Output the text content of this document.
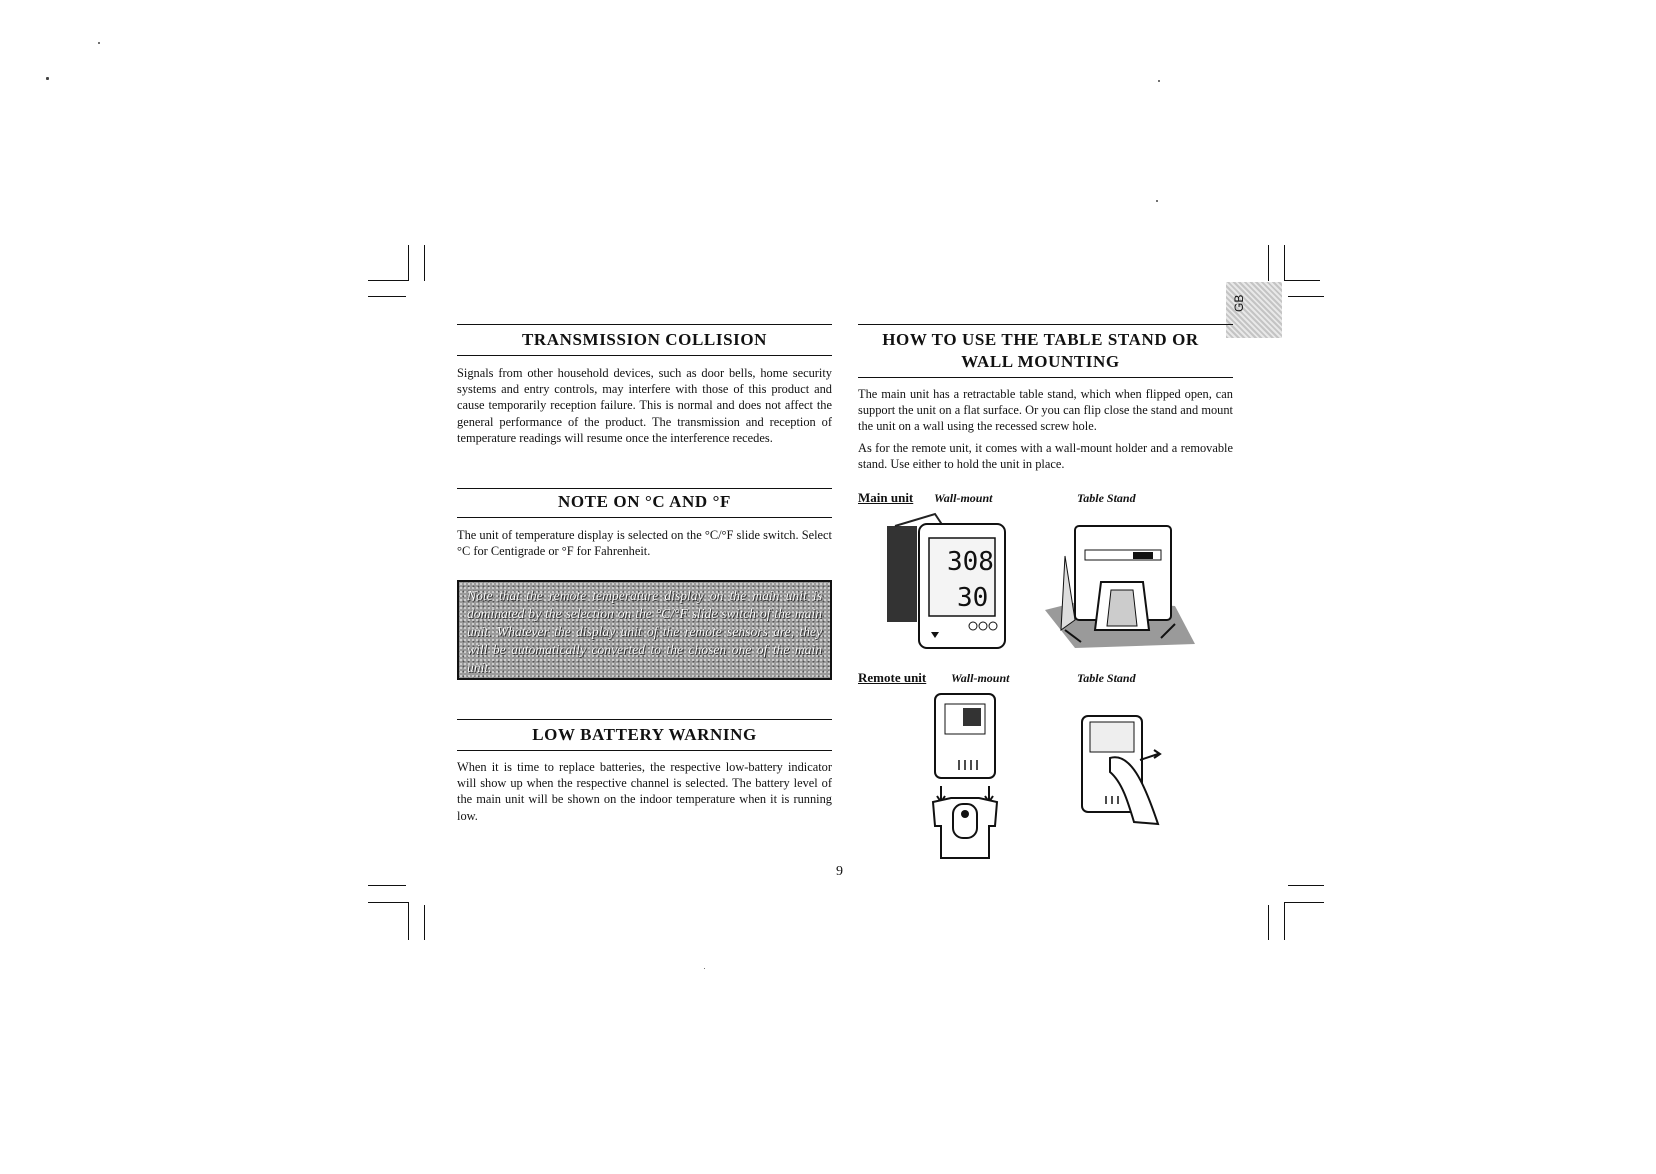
GB
TRANSMISSION COLLISION

Signals from other household devices, such as door bells, home security systems and entry controls, may interfere with those of this product and cause temporarily reception failure. This is normal and does not affect the general performance of the product. The transmission and reception of temperature readings will resume once the interference recedes.

NOTE ON °C AND °F

The unit of temperature display is selected on the °C/°F slide switch. Select °C for Centigrade or °F for Fahrenheit.

Note that the remote temperature display on the main unit is dominated by the selection on the °C/°F slide switch of the main unit. Whatever the display unit of the remote sensors are, they will be automatically converted to the chosen one of the main unit.

LOW BATTERY WARNING

When it is time to replace batteries, the respective low-battery indicator will show up when the respective channel is selected. The battery level of the main unit will be shown on the indoor temperature when it is running low.

HOW TO USE THE TABLE STAND OR
WALL MOUNTING

The main unit has a retractable table stand, which when flipped open, can support the unit on a flat surface. Or you can flip close the stand and mount the unit on a wall using the recessed screw hole.

As for the remote unit, it comes with a wall-mount holder and a removable stand. Use either to hold the unit in place.

Main unit Wall-mount	Table Stand
308
30
Remote unit Wall-mount	Table Stand
9
